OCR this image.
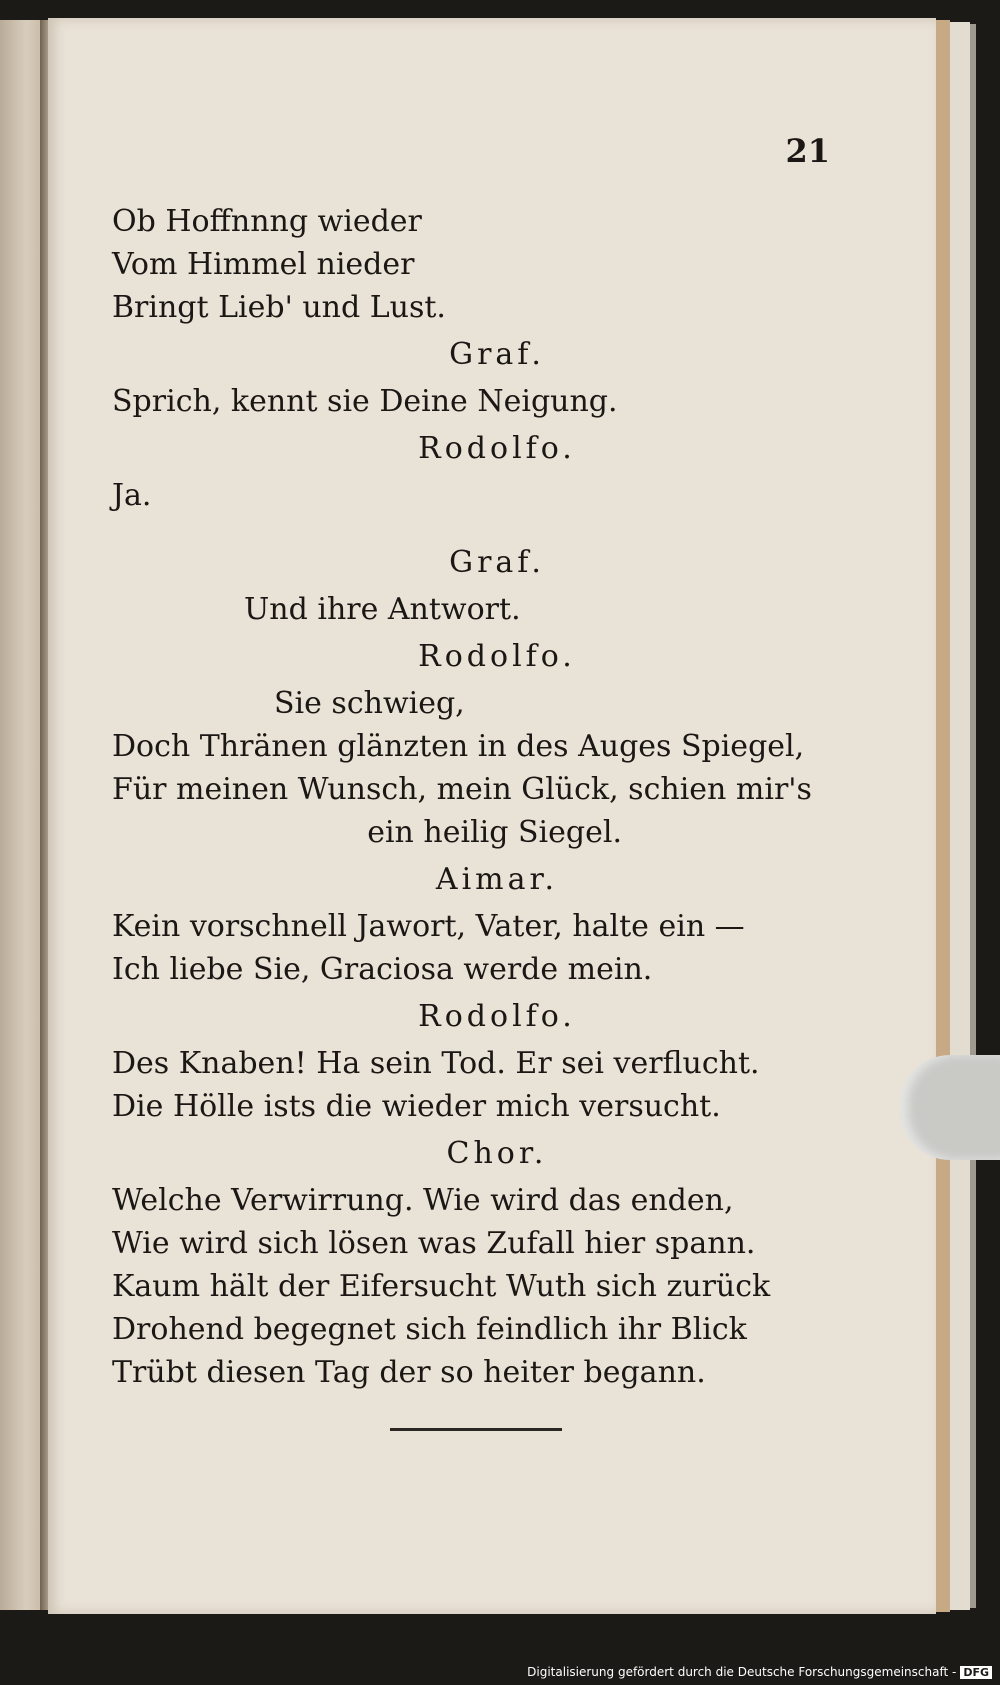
21
Ob Hoffnnng wieder
Vom Himmel nieder
Bringt Lieb' und Lust.
Graf.
Sprich, kennt sie Deine Neigung.
Rodolfo.
Ja.
Graf.
Und ihre Antwort.
Rodolfo.
Sie schwieg,
Doch Thränen glänzten in des Auges Spiegel,
Für meinen Wunsch, mein Glück, schien mir's
ein heilig Siegel.
Aimar.
Kein vorschnell Jawort, Vater, halte ein —
Ich liebe Sie, Graciosa werde mein.
Rodolfo.
Des Knaben! Ha sein Tod. Er sei verflucht.
Die Hölle ists die wieder mich versucht.
Chor.
Welche Verwirrung. Wie wird das enden,
Wie wird sich lösen was Zufall hier spann.
Kaum hält der Eifersucht Wuth sich zurück
Drohend begegnet sich feindlich ihr Blick
Trübt diesen Tag der so heiter begann.
Digitalisierung gefördert durch die Deutsche Forschungsgemeinschaft - DFG
